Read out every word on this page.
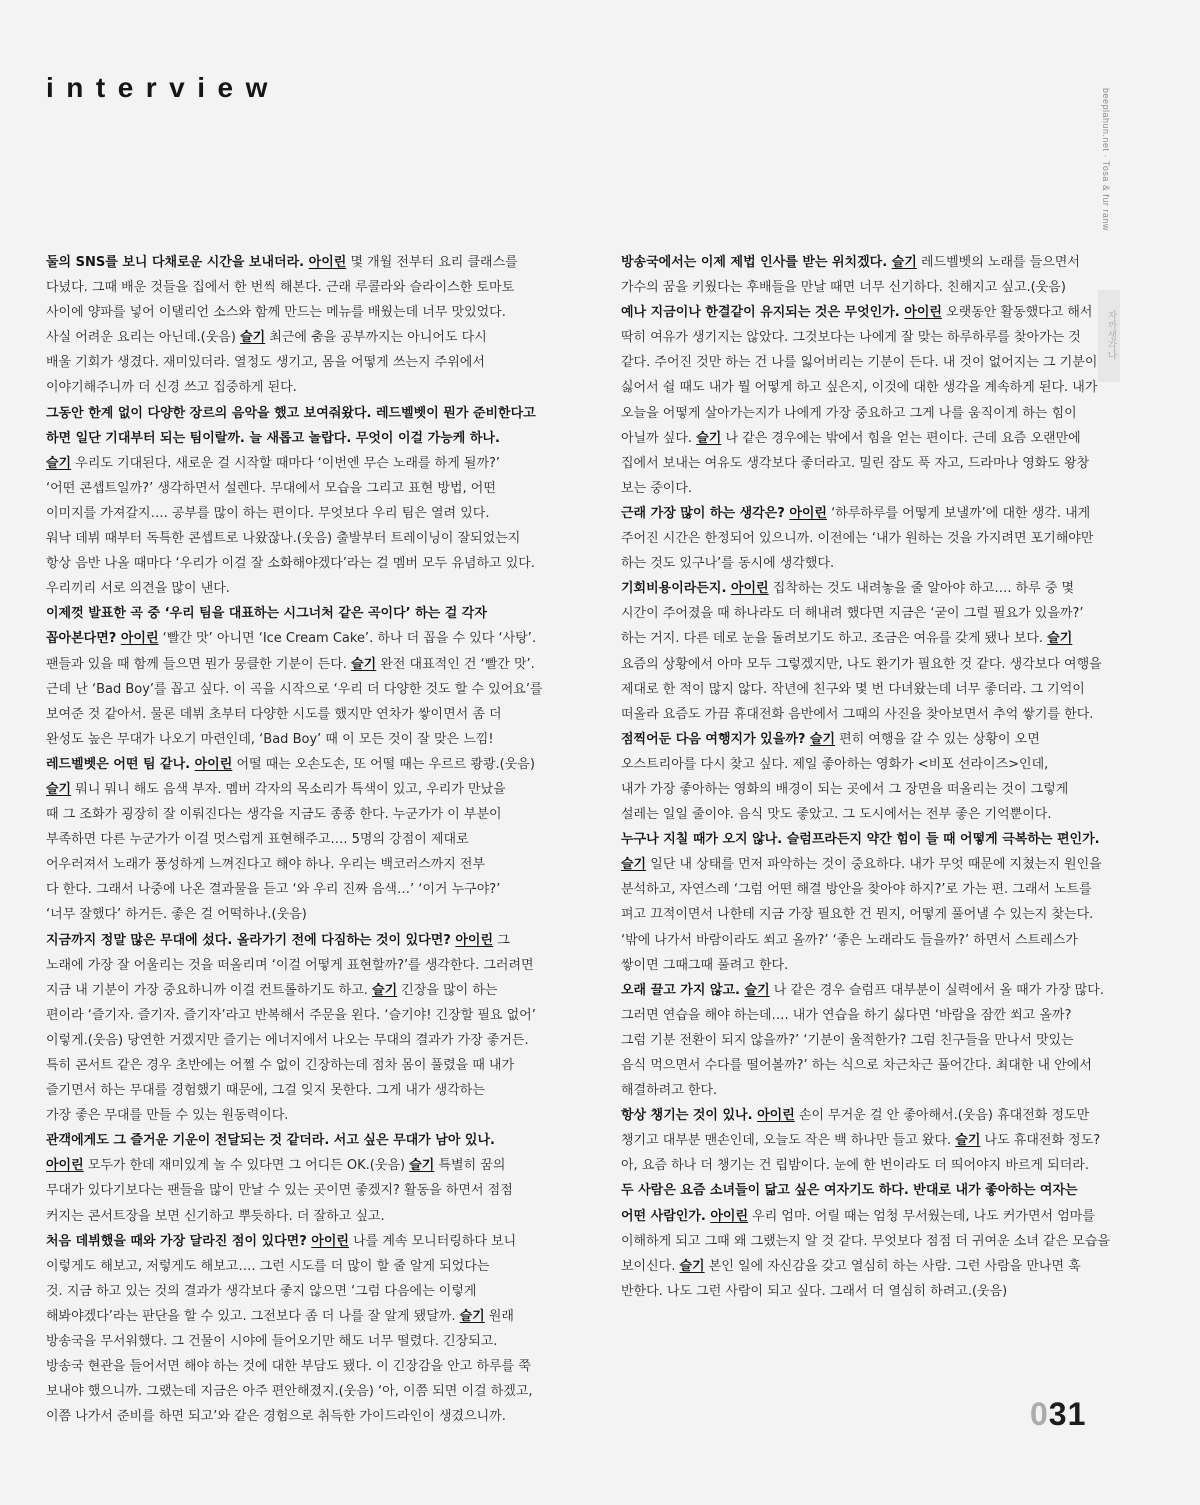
interview
beeplahun.net · Tosa & fur ranw
자까생각나

둘의 SNS를 보니 다채로운 시간을 보내더라. 아이린 몇 개월 전부터 요리 클래스를

다녔다. 그때 배운 것들을 집에서 한 번씩 해본다. 근래 루콜라와 슬라이스한 토마토

사이에 양파를 넣어 이탤리언 소스와 함께 만드는 메뉴를 배웠는데 너무 맛있었다.

사실 어려운 요리는 아닌데.(웃음) 슬기 최근에 춤을 공부까지는 아니어도 다시

배울 기회가 생겼다. 재미있더라. 열정도 생기고, 몸을 어떻게 쓰는지 주위에서

이야기해주니까 더 신경 쓰고 집중하게 된다.

그동안 한계 없이 다양한 장르의 음악을 했고 보여줘왔다. 레드벨벳이 뭔가 준비한다고

하면 일단 기대부터 되는 팀이랄까. 늘 새롭고 놀랍다. 무엇이 이걸 가능케 하나.

슬기 우리도 기대된다. 새로운 걸 시작할 때마다 ‘이번엔 무슨 노래를 하게 될까?’

‘어떤 콘셉트일까?’ 생각하면서 설렌다. 무대에서 모습을 그리고 표현 방법, 어떤

이미지를 가져갈지…. 공부를 많이 하는 편이다. 무엇보다 우리 팀은 열려 있다.

워낙 데뷔 때부터 독특한 콘셉트로 나왔잖나.(웃음) 출발부터 트레이닝이 잘되었는지

항상 음반 나올 때마다 ‘우리가 이걸 잘 소화해야겠다’라는 걸 멤버 모두 유념하고 있다.

우리끼리 서로 의견을 많이 낸다.

이제껏 발표한 곡 중 ‘우리 팀을 대표하는 시그너처 같은 곡이다’ 하는 걸 각자

꼽아본다면? 아이린 ‘빨간 맛’ 아니면 ‘Ice Cream Cake’. 하나 더 꼽을 수 있다 ‘사탕’.

팬들과 있을 때 함께 들으면 뭔가 뭉클한 기분이 든다. 슬기 완전 대표적인 건 ‘빨간 맛’.

근데 난 ‘Bad Boy’를 꼽고 싶다. 이 곡을 시작으로 ‘우리 더 다양한 것도 할 수 있어요’를

보여준 것 같아서. 물론 데뷔 초부터 다양한 시도를 했지만 연차가 쌓이면서 좀 더

완성도 높은 무대가 나오기 마련인데, ‘Bad Boy’ 때 이 모든 것이 잘 맞은 느낌!

레드벨벳은 어떤 팀 같나. 아이린 어떨 때는 오손도손, 또 어떨 때는 우르르 쾅쾅.(웃음)

슬기 뭐니 뭐니 해도 음색 부자. 멤버 각자의 목소리가 특색이 있고, 우리가 만났을

때 그 조화가 굉장히 잘 이뤄진다는 생각을 지금도 종종 한다. 누군가가 이 부분이

부족하면 다른 누군가가 이걸 멋스럽게 표현해주고…. 5명의 강점이 제대로

어우러져서 노래가 풍성하게 느껴진다고 해야 하나. 우리는 백코러스까지 전부

다 한다. 그래서 나중에 나온 결과물을 듣고 ‘와 우리 진짜 음색…’ ‘이거 누구야?’

‘너무 잘했다’ 하거든. 좋은 걸 어떡하나.(웃음)

지금까지 정말 많은 무대에 섰다. 올라가기 전에 다짐하는 것이 있다면? 아이린 그

노래에 가장 잘 어울리는 것을 떠올리며 ‘이걸 어떻게 표현할까?’를 생각한다. 그러려면

지금 내 기분이 가장 중요하니까 이걸 컨트롤하기도 하고. 슬기 긴장을 많이 하는

편이라 ‘즐기자. 즐기자. 즐기자’라고 반복해서 주문을 왼다. ‘슬기야! 긴장할 필요 없어’

이렇게.(웃음) 당연한 거겠지만 즐기는 에너지에서 나오는 무대의 결과가 가장 좋거든.

특히 콘서트 같은 경우 초반에는 어쩔 수 없이 긴장하는데 점차 몸이 풀렸을 때 내가

즐기면서 하는 무대를 경험했기 때문에, 그걸 잊지 못한다. 그게 내가 생각하는

가장 좋은 무대를 만들 수 있는 원동력이다.

관객에게도 그 즐거운 기운이 전달되는 것 같더라. 서고 싶은 무대가 남아 있나.

아이린 모두가 한데 재미있게 놀 수 있다면 그 어디든 OK.(웃음) 슬기 특별히 꿈의

무대가 있다기보다는 팬들을 많이 만날 수 있는 곳이면 좋겠지? 활동을 하면서 점점

커지는 콘서트장을 보면 신기하고 뿌듯하다. 더 잘하고 싶고.

처음 데뷔했을 때와 가장 달라진 점이 있다면? 아이린 나를 계속 모니터링하다 보니

이렇게도 해보고, 저렇게도 해보고…. 그런 시도를 더 많이 할 줄 알게 되었다는

것. 지금 하고 있는 것의 결과가 생각보다 좋지 않으면 ‘그럼 다음에는 이렇게

해봐야겠다’라는 판단을 할 수 있고. 그전보다 좀 더 나를 잘 알게 됐달까. 슬기 원래

방송국을 무서워했다. 그 건물이 시야에 들어오기만 해도 너무 떨렸다. 긴장되고.

방송국 현관을 들어서면 해야 하는 것에 대한 부담도 됐다. 이 긴장감을 안고 하루를 쭉

보내야 했으니까. 그랬는데 지금은 아주 편안해졌지.(웃음) ‘아, 이쯤 되면 이걸 하겠고,

이쯤 나가서 준비를 하면 되고’와 같은 경험으로 취득한 가이드라인이 생겼으니까.

방송국에서는 이제 제법 인사를 받는 위치겠다. 슬기 레드벨벳의 노래를 들으면서

가수의 꿈을 키웠다는 후배들을 만날 때면 너무 신기하다. 친해지고 싶고.(웃음)

예나 지금이나 한결같이 유지되는 것은 무엇인가. 아이린 오랫동안 활동했다고 해서

딱히 여유가 생기지는 않았다. 그것보다는 나에게 잘 맞는 하루하루를 찾아가는 것

같다. 주어진 것만 하는 건 나를 잃어버리는 기분이 든다. 내 것이 없어지는 그 기분이

싫어서 쉴 때도 내가 뭘 어떻게 하고 싶은지, 이것에 대한 생각을 계속하게 된다. 내가

오늘을 어떻게 살아가는지가 나에게 가장 중요하고 그게 나를 움직이게 하는 힘이

아닐까 싶다. 슬기 나 같은 경우에는 밖에서 힘을 얻는 편이다. 근데 요즘 오랜만에

집에서 보내는 여유도 생각보다 좋더라고. 밀린 잠도 푹 자고, 드라마나 영화도 왕창

보는 중이다.

근래 가장 많이 하는 생각은? 아이린 ‘하루하루를 어떻게 보낼까’에 대한 생각. 내게

주어진 시간은 한정되어 있으니까. 이전에는 ‘내가 원하는 것을 가지려면 포기해야만

하는 것도 있구나’를 동시에 생각했다.

기회비용이라든지. 아이린 집착하는 것도 내려놓을 줄 알아야 하고…. 하루 중 몇

시간이 주어졌을 때 하나라도 더 해내려 했다면 지금은 ‘굳이 그럴 필요가 있을까?’

하는 거지. 다른 데로 눈을 돌려보기도 하고. 조금은 여유를 갖게 됐나 보다. 슬기

요즘의 상황에서 아마 모두 그렇겠지만, 나도 환기가 필요한 것 같다. 생각보다 여행을

제대로 한 적이 많지 않다. 작년에 친구와 몇 번 다녀왔는데 너무 좋더라. 그 기억이

떠올라 요즘도 가끔 휴대전화 음반에서 그때의 사진을 찾아보면서 추억 쌓기를 한다.

점찍어둔 다음 여행지가 있을까? 슬기 편히 여행을 갈 수 있는 상황이 오면

오스트리아를 다시 찾고 싶다. 제일 좋아하는 영화가 <비포 선라이즈>인데,

내가 가장 좋아하는 영화의 배경이 되는 곳에서 그 장면을 떠올리는 것이 그렇게

설레는 일일 줄이야. 음식 맛도 좋았고. 그 도시에서는 전부 좋은 기억뿐이다.

누구나 지칠 때가 오지 않나. 슬럼프라든지 약간 힘이 들 때 어떻게 극복하는 편인가.

슬기 일단 내 상태를 먼저 파악하는 것이 중요하다. 내가 무엇 때문에 지쳤는지 원인을

분석하고, 자연스레 ‘그럼 어떤 해결 방안을 찾아야 하지?’로 가는 편. 그래서 노트를

펴고 끄적이면서 나한테 지금 가장 필요한 건 뭔지, 어떻게 풀어낼 수 있는지 찾는다.

‘밖에 나가서 바람이라도 쐬고 올까?’ ‘좋은 노래라도 들을까?’ 하면서 스트레스가

쌓이면 그때그때 풀려고 한다.

오래 끌고 가지 않고. 슬기 나 같은 경우 슬럼프 대부분이 실력에서 올 때가 가장 많다.

그러면 연습을 해야 하는데…. 내가 연습을 하기 싫다면 ‘바람을 잠깐 쐬고 올까?

그럼 기분 전환이 되지 않을까?’ ‘기분이 울적한가? 그럼 친구들을 만나서 맛있는

음식 먹으면서 수다를 떨어볼까?’ 하는 식으로 차근차근 풀어간다. 최대한 내 안에서

해결하려고 한다.

항상 챙기는 것이 있나. 아이린 손이 무거운 걸 안 좋아해서.(웃음) 휴대전화 정도만

챙기고 대부분 맨손인데, 오늘도 작은 백 하나만 들고 왔다. 슬기 나도 휴대전화 정도?

아, 요즘 하나 더 챙기는 건 립밤이다. 눈에 한 번이라도 더 띄어야지 바르게 되더라.

두 사람은 요즘 소녀들이 닮고 싶은 여자기도 하다. 반대로 내가 좋아하는 여자는

어떤 사람인가. 아이린 우리 엄마. 어릴 때는 엄청 무서웠는데, 나도 커가면서 엄마를

이해하게 되고 그때 왜 그랬는지 알 것 같다. 무엇보다 점점 더 귀여운 소녀 같은 모습을

보이신다. 슬기 본인 일에 자신감을 갖고 열심히 하는 사람. 그런 사람을 만나면 훅

반한다. 나도 그런 사람이 되고 싶다. 그래서 더 열심히 하려고.(웃음)

031
